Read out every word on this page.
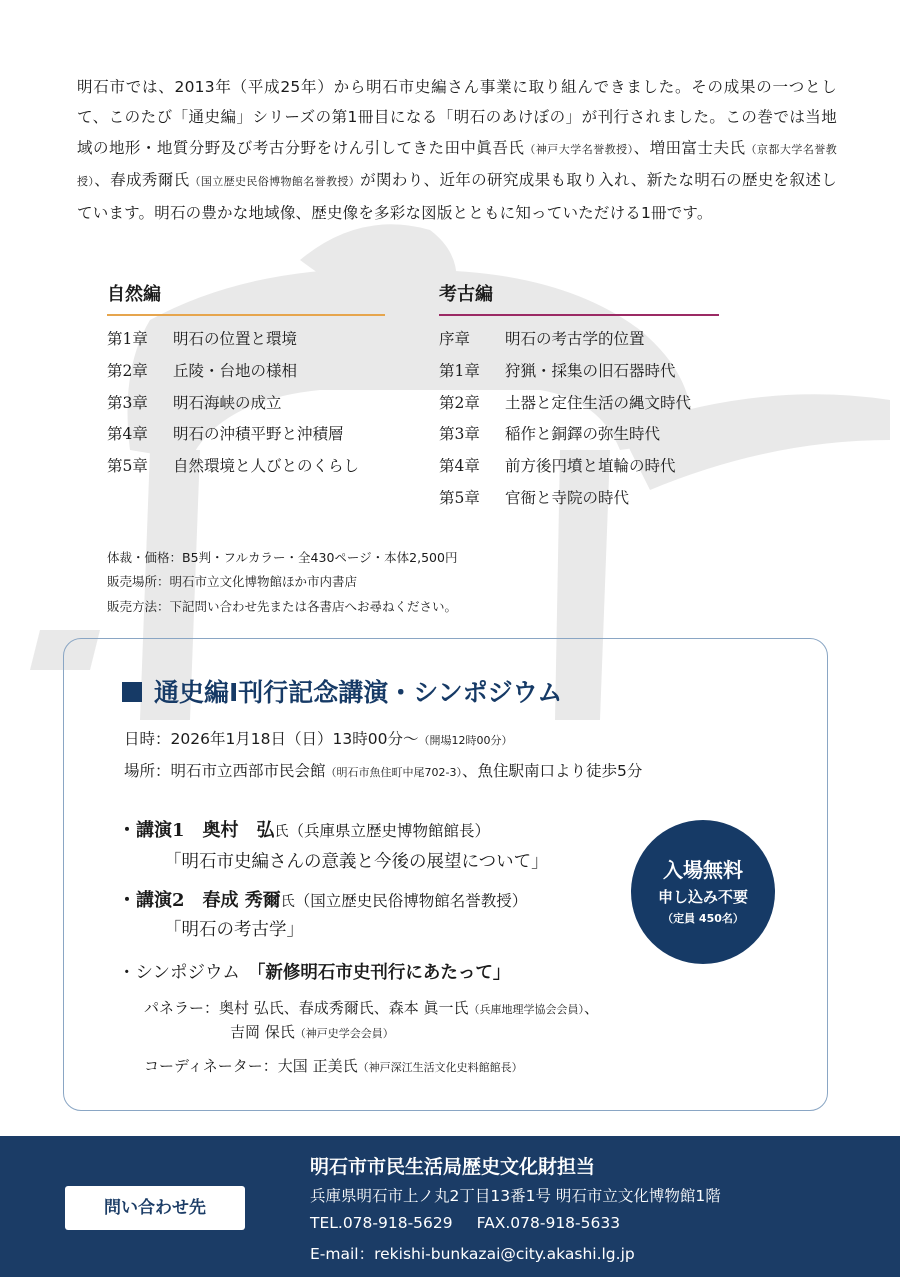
明石市では、2013年（平成25年）から明石市史編さん事業に取り組んできました。その成果の一つとして、このたび「通史編」シリーズの第1冊目になる「明石のあけぼの」が刊行されました。この巻では当地域の地形・地質分野及び考古分野をけん引してきた田中眞吾氏（神戸大学名誉教授）、増田富士夫氏（京都大学名誉教授）、春成秀爾氏（国立歴史民俗博物館名誉教授）が関わり、近年の研究成果も取り入れ、新たな明石の歴史を叙述しています。明石の豊かな地域像、歴史像を多彩な図版とともに知っていただける1冊です。

自然編
第1章 明石の位置と環境
第2章 丘陵・台地の様相
第3章 明石海峡の成立
第4章 明石の沖積平野と沖積層
第5章 自然環境と人びとのくらし
考古編
序章 明石の考古学的位置
第1章 狩猟・採集の旧石器時代
第2章 土器と定住生活の縄文時代
第3章 稲作と銅鐸の弥生時代
第4章 前方後円墳と埴輪の時代
第5章 官衙と寺院の時代
体裁・価格：B5判・フルカラー・全430ページ・本体2,500円
販売場所：明石市立文化博物館ほか市内書店
販売方法：下記問い合わせ先または各書店へお尋ねください。
通史編Ⅰ刊行記念講演・シンポジウム
日時：2026年1月18日（日）13時00分～（開場12時00分）
場所：明石市立西部市民会館（明石市魚住町中尾702-3）、魚住駅南口より徒歩5分
・講演1　奥村　弘氏（兵庫県立歴史博物館館長）
「明石市史編さんの意義と今後の展望について」
・講演2　春成 秀爾氏（国立歴史民俗博物館名誉教授）
「明石の考古学」
入場無料
申し込み不要
（定員 450名）
・シンポジウム 「新修明石市史刊行にあたって」
パネラー：奥村 弘氏、春成秀爾氏、森本 眞一氏（兵庫地理学協会会員）、
吉岡 保氏（神戸史学会会員）
コーディネーター：大国 正美氏（神戸深江生活文化史料館館長）
問い合わせ先
明石市市民生活局歴史文化財担当
兵庫県明石市上ノ丸2丁目13番1号 明石市立文化博物館1階
TEL.078-918-5629 FAX.078-918-5633
E-mail：rekishi-bunkazai@city.akashi.lg.jp
